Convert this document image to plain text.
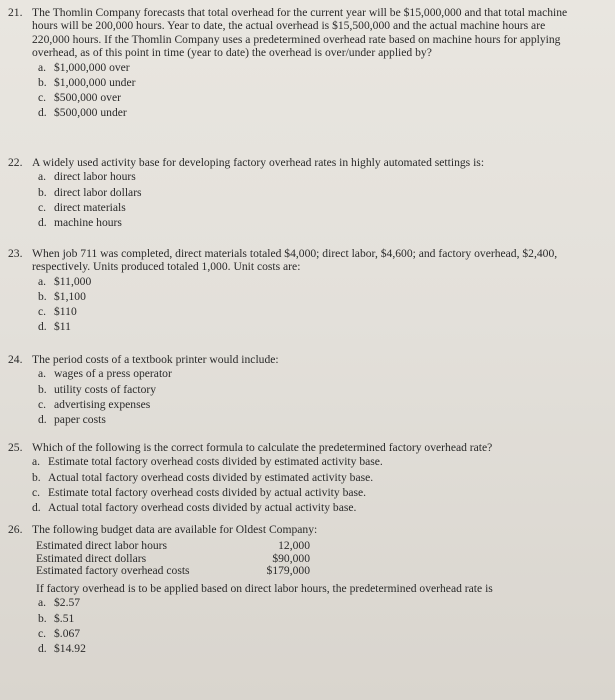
21. The Thomlin Company forecasts that total overhead for the current year will be $15,000,000 and that total machine hours will be 200,000 hours. Year to date, the actual overhead is $15,500,000 and the actual machine hours are 220,000 hours. If the Thomlin Company uses a predetermined overhead rate based on machine hours for applying overhead, as of this point in time (year to date) the overhead is over/under applied by?
a. $1,000,000 over
b. $1,000,000 under
c. $500,000 over
d. $500,000 under
22. A widely used activity base for developing factory overhead rates in highly automated settings is:
a. direct labor hours
b. direct labor dollars
c. direct materials
d. machine hours
23. When job 711 was completed, direct materials totaled $4,000; direct labor, $4,600; and factory overhead, $2,400, respectively. Units produced totaled 1,000. Unit costs are:
a. $11,000
b. $1,100
c. $110
d. $11
24. The period costs of a textbook printer would include:
a. wages of a press operator
b. utility costs of factory
c. advertising expenses
d. paper costs
25. Which of the following is the correct formula to calculate the predetermined factory overhead rate?
a. Estimate total factory overhead costs divided by estimated activity base.
b. Actual total factory overhead costs divided by estimated activity base.
c. Estimate total factory overhead costs divided by actual activity base.
d. Actual total factory overhead costs divided by actual activity base.
26. The following budget data are available for Oldest Company:
Estimated direct labor hours	12,000
Estimated direct dollars	$90,000
Estimated factory overhead costs	$179,000
If factory overhead is to be applied based on direct labor hours, the predetermined overhead rate is
a. $2.57
b. $.51
c. $.067
d. $14.92
